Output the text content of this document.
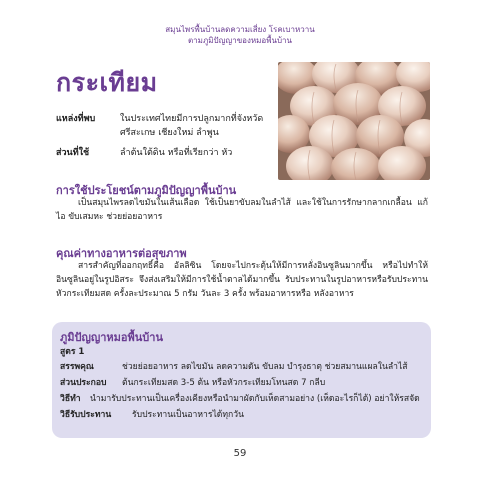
สมุนไพรพื้นบ้านลดความเสี่ยง โรคเบาหวาน
ตามภูมิปัญญาของหมอพื้นบ้าน
กระเทียม
แหล่งที่พบ	ในประเทศไทยมีการปลูกมากที่จังหวัด ศรีสะเกษ เชียงใหม่ ลำพูน
ส่วนที่ใช้	ลำต้นใต้ดิน หรือที่เรียกว่า หัว
การใช้ประโยชน์ตามภูมิปัญญาพื้นบ้าน

เป็นสมุนไพรลดไขมันในเส้นเลือด ใช้เป็นยาขับลมในลำไส้ และใช้ในการรักษากลากเกลื้อน แก้ไอ ขับเสมหะ ช่วยย่อยอาหาร

คุณค่าทางอาหารต่อสุขภาพ

สารสำคัญที่ออกฤทธิ์คือ อัลลิซิน โดยจะไปกระตุ้นให้มีการหลั่งอินซูลินมากขึ้น หรือไปทำให้อินซูลินอยู่ในรูปอิสระ จึงส่งเสริมให้มีการใช้น้ำตาลได้มากขึ้น รับประทานในรูปอาหารหรือรับประทานหัวกระเทียมสด ครั้งละประมาณ 5 กรัม วันละ 3 ครั้ง พร้อมอาหารหรือ หลังอาหาร

ภูมิปัญญาหมอพื้นบ้าน
สูตร 1
สรรพคุณ	ช่วยย่อยอาหาร ลดไขมัน ลดความดัน ขับลม บำรุงธาตุ ช่วยสมานแผลในลำไส้
ส่วนประกอบ ต้นกระเทียมสด 3-5 ต้น หรือหัวกระเทียมโทนสด 7 กลีบ
วิธีทำ นำมารับประทานเป็นเครื่องเคียงหรือนำมาผัดกับเห็ดสามอย่าง (เห็ดอะไรก็ได้) อย่าให้รสจัด
วิธีรับประทาน รับประทานเป็นอาหารได้ทุกวัน
59
